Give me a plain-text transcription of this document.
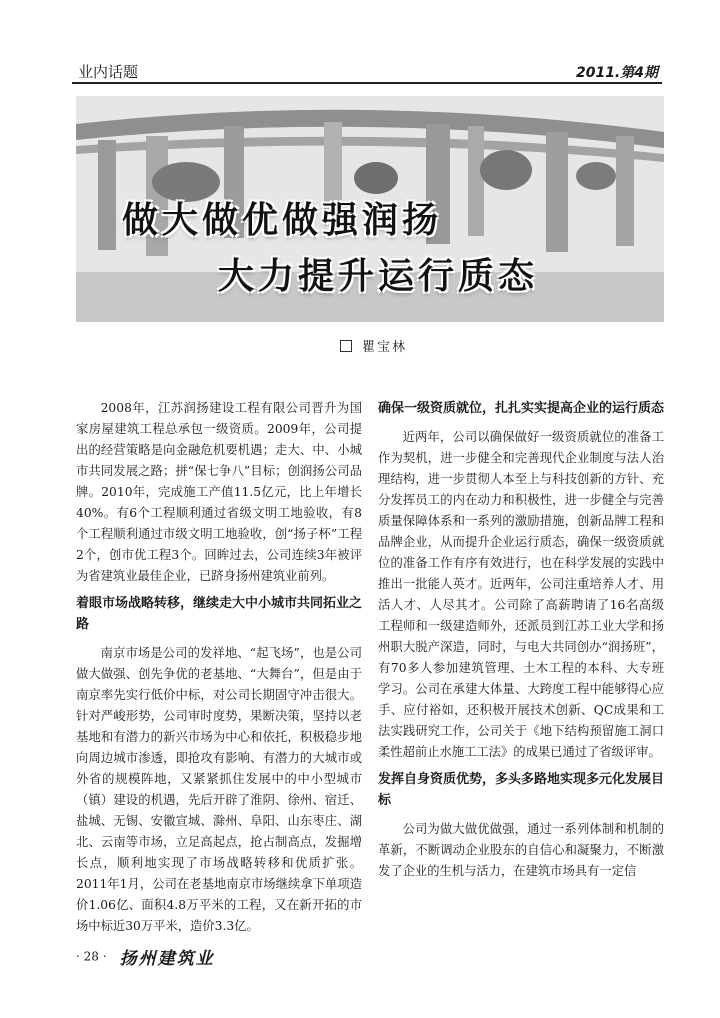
业内话题	2011.第4期
做大做优做强润扬
大力提升运行质态
瞿宝林

2008年，江苏润扬建设工程有限公司晋升为国家房屋建筑工程总承包一级资质。2009年，公司提出的经营策略是向金融危机要机遇；走大、中、小城市共同发展之路；拼“保七争八”目标；创润扬公司品牌。2010年，完成施工产值11.5亿元，比上年增长40%。有6个工程顺利通过省级文明工地验收，有8个工程顺利通过市级文明工地验收，创“扬子杯”工程2个，创市优工程3个。回眸过去，公司连续3年被评为省建筑业最佳企业，已跻身扬州建筑业前列。

着眼市场战略转移，继续走大中小城市共同拓业之路

南京市场是公司的发祥地、“起飞场”，也是公司做大做强、创先争优的老基地、“大舞台”，但是由于南京率先实行低价中标，对公司长期固守冲击很大。针对严峻形势，公司审时度势，果断决策，坚持以老基地和有潜力的新兴市场为中心和依托，积极稳步地向周边城市渗透，即抢攻有影响、有潜力的大城市或外省的规模阵地，又紧紧抓住发展中的中小型城市（镇）建设的机遇，先后开辟了淮阴、徐州、宿迁、盐城、无锡、安徽宣城、滁州、阜阳、山东枣庄、湖北、云南等市场，立足高起点，抢占制高点，发掘增长点，顺利地实现了市场战略转移和优质扩张。2011年1月，公司在老基地南京市场继续拿下单项造价1.06亿、面积4.8万平米的工程，又在新开拓的市场中标近30万平米，造价3.3亿。

确保一级资质就位，扎扎实实提高企业的运行质态

近两年，公司以确保做好一级资质就位的准备工作为契机，进一步健全和完善现代企业制度与法人治理结构，进一步贯彻人本至上与科技创新的方针、充分发挥员工的内在动力和积极性，进一步健全与完善质量保障体系和一系列的激励措施，创新品牌工程和品牌企业，从而提升企业运行质态，确保一级资质就位的准备工作有序有效进行，也在科学发展的实践中推出一批能人英才。近两年，公司注重培养人才、用活人才、人尽其才。公司除了高薪聘请了16名高级工程师和一级建造师外，还派员到江苏工业大学和扬州职大脱产深造，同时，与电大共同创办“润扬班”，有70多人参加建筑管理、土木工程的本科、大专班学习。公司在承建大体量、大跨度工程中能够得心应手、应付裕如，还积极开展技术创新、QC成果和工法实践研究工作，公司关于《地下结构预留施工洞口柔性超前止水施工工法》的成果已通过了省级评审。

发挥自身资质优势，多头多路地实现多元化发展目标

公司为做大做优做强，通过一系列体制和机制的革新，不断调动企业股东的自信心和凝聚力，不断激发了企业的生机与活力，在建筑市场具有一定信

· 28 · 扬州建筑业
